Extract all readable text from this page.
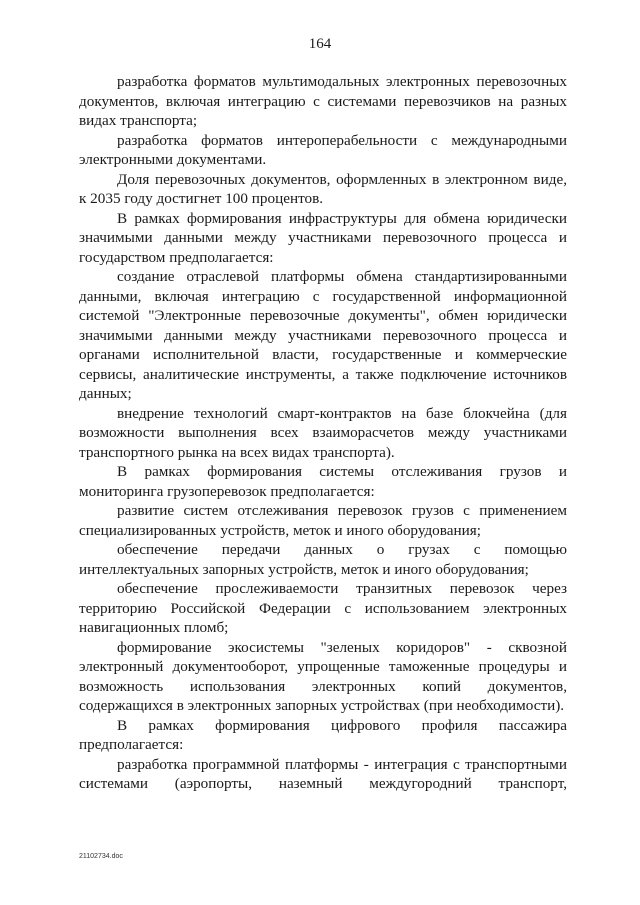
164

разработка форматов мультимодальных электронных перевозочных документов, включая интеграцию с системами перевозчиков на разных видах транспорта;

разработка форматов интероперабельности с международными электронными документами.

Доля перевозочных документов, оформленных в электронном виде, к 2035 году достигнет 100 процентов.

В рамках формирования инфраструктуры для обмена юридически значимыми данными между участниками перевозочного процесса и государством предполагается:

создание отраслевой платформы обмена стандартизированными данными, включая интеграцию с государственной информационной системой "Электронные перевозочные документы", обмен юридически значимыми данными между участниками перевозочного процесса и органами исполнительной власти, государственные и коммерческие сервисы, аналитические инструменты, а также подключение источников данных;

внедрение технологий смарт-контрактов на базе блокчейна (для возможности выполнения всех взаиморасчетов между участниками транспортного рынка на всех видах транспорта).

В рамках формирования системы отслеживания грузов и мониторинга грузоперевозок предполагается:

развитие систем отслеживания перевозок грузов с применением специализированных устройств, меток и иного оборудования;

обеспечение передачи данных о грузах с помощью интеллектуальных запорных устройств, меток и иного оборудования;

обеспечение прослеживаемости транзитных перевозок через территорию Российской Федерации с использованием электронных навигационных пломб;

формирование экосистемы "зеленых коридоров" - сквозной электронный документооборот, упрощенные таможенные процедуры и возможность использования электронных копий документов, содержащихся в электронных запорных устройствах (при необходимости).

В рамках формирования цифрового профиля пассажира предполагается:

разработка программной платформы - интеграция с транспортными системами (аэропорты, наземный междугородний транспорт,

21102734.doc
